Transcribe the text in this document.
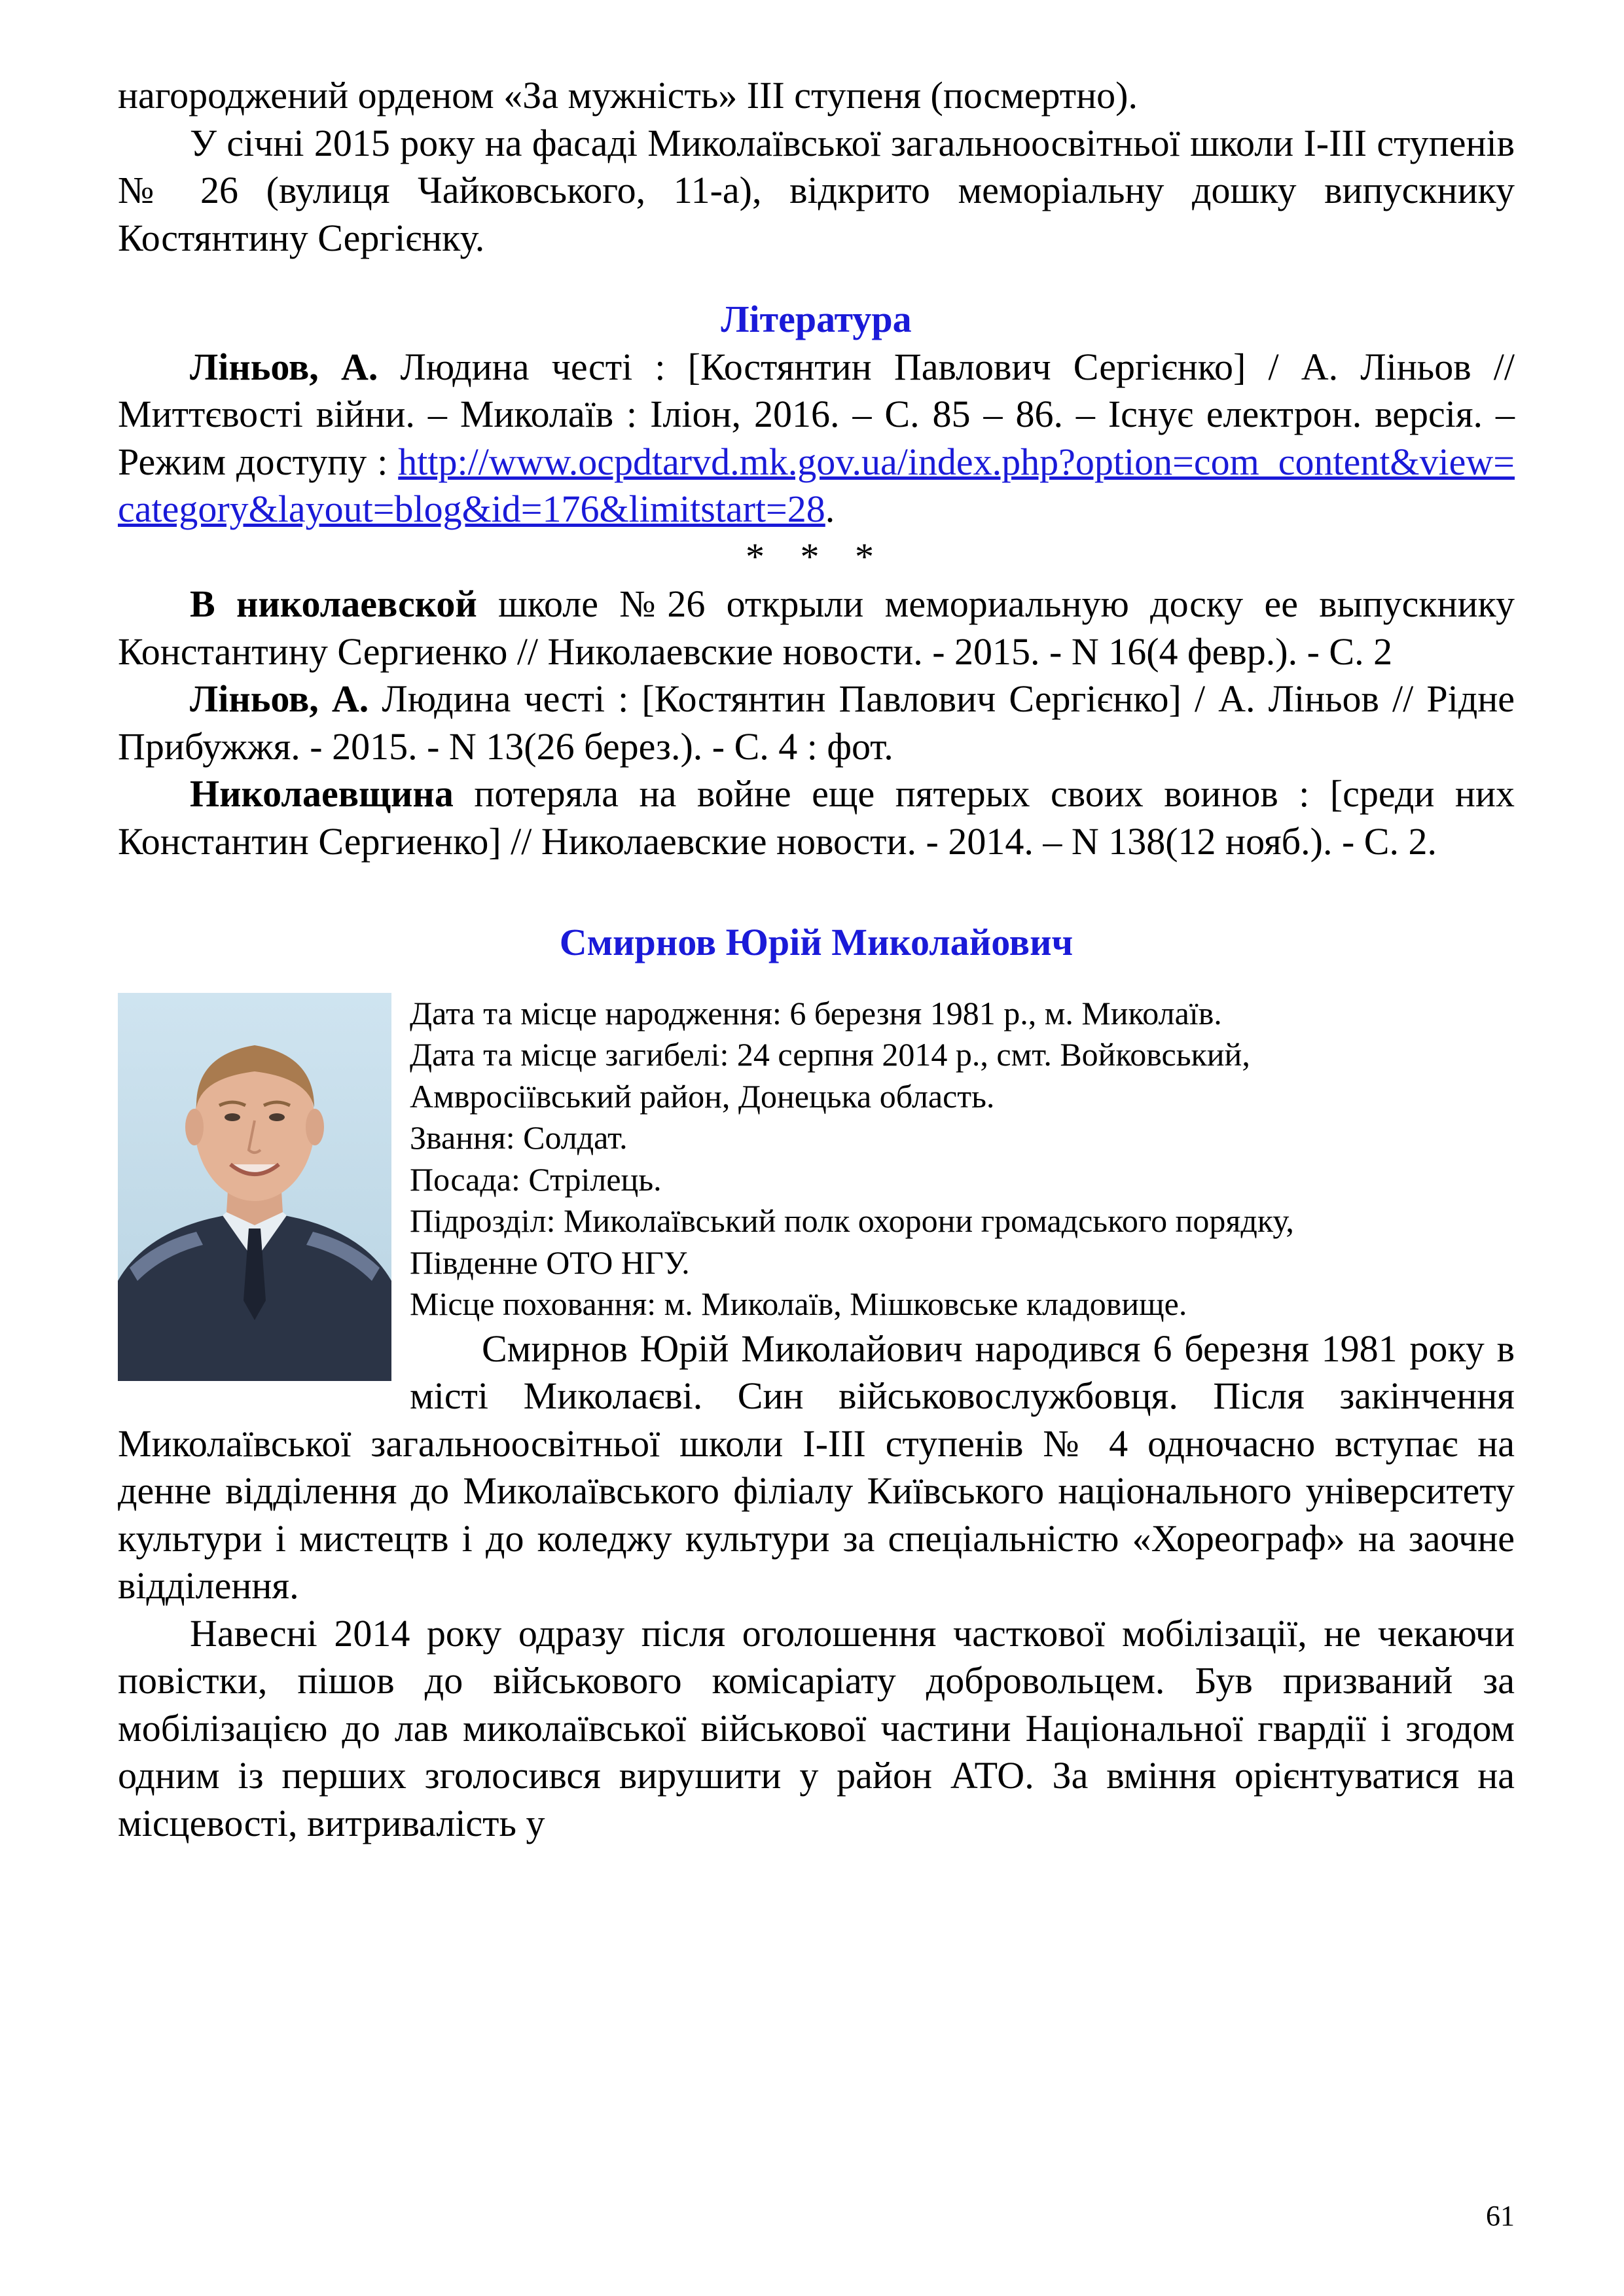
нагороджений орденом «За мужність» III ступеня (посмертно).

У січні 2015 року на фасаді Миколаївської загальноосвітньої школи І-ІІІ ступенів № 26 (вулиця Чайковського, 11-а), відкрито меморіальну дошку випускнику Костянтину Сергієнку.

Література

Ліньов, А. Людина честі : [Костянтин Павлович Сергієнко] / А. Ліньов // Миттєвості війни. – Миколаїв : Іліон, 2016. – С. 85 – 86. – Існує електрон. версія. – Режим доступу : http://www.ocpdtarvd.mk.gov.ua/index.php?option=com_content&view=category&layout=blog&id=176&limitstart=28.

* * *

В николаевской школе №26 открыли мемориальную доску ее выпускнику Константину Сергиенко // Николаевские новости. - 2015. - N 16(4 февр.). - С. 2

Ліньов, А. Людина честі : [Костянтин Павлович Сергієнко] / А. Ліньов // Рідне Прибужжя. - 2015. - N 13(26 берез.). - С. 4 : фот.

Николаевщина потеряла на войне еще пятерых своих воинов : [среди них Константин Сергиенко] // Николаевские новости. - 2014. – N 138(12 нояб.). - С. 2.

Смирнов Юрій Миколайович
Дата та місце народження: 6 березня 1981 р., м. Миколаїв.
Дата та місце загибелі: 24 серпня 2014 р., смт. Войковський,
Амвросіївський район, Донецька область.
Звання: Солдат.
Посада: Стрілець.
Підрозділ: Миколаївський полк охорони громадського порядку,
Південне ОТО НГУ.
Місце поховання: м. Миколаїв, Мішковське кладовище.

Смирнов Юрій Миколайович народився 6 березня 1981 року в місті Миколаєві. Син військовослужбовця. Після закінчення Миколаївської загальноосвітньої школи І-ІІІ ступенів № 4 одночасно вступає на денне відділення до Миколаївського філіалу Київського національного університету культури і мистецтв і до коледжу культури за спеціальністю «Хореограф» на заочне відділення.

Навесні 2014 року одразу після оголошення часткової мобілізації, не чекаючи повістки, пішов до військового комісаріату добровольцем. Був призваний за мобілізацією до лав миколаївської військової частини Національної гвардії і згодом одним із перших зголосився вирушити у район АТО. За вміння орієнтуватися на місцевості, витривалість у

61
